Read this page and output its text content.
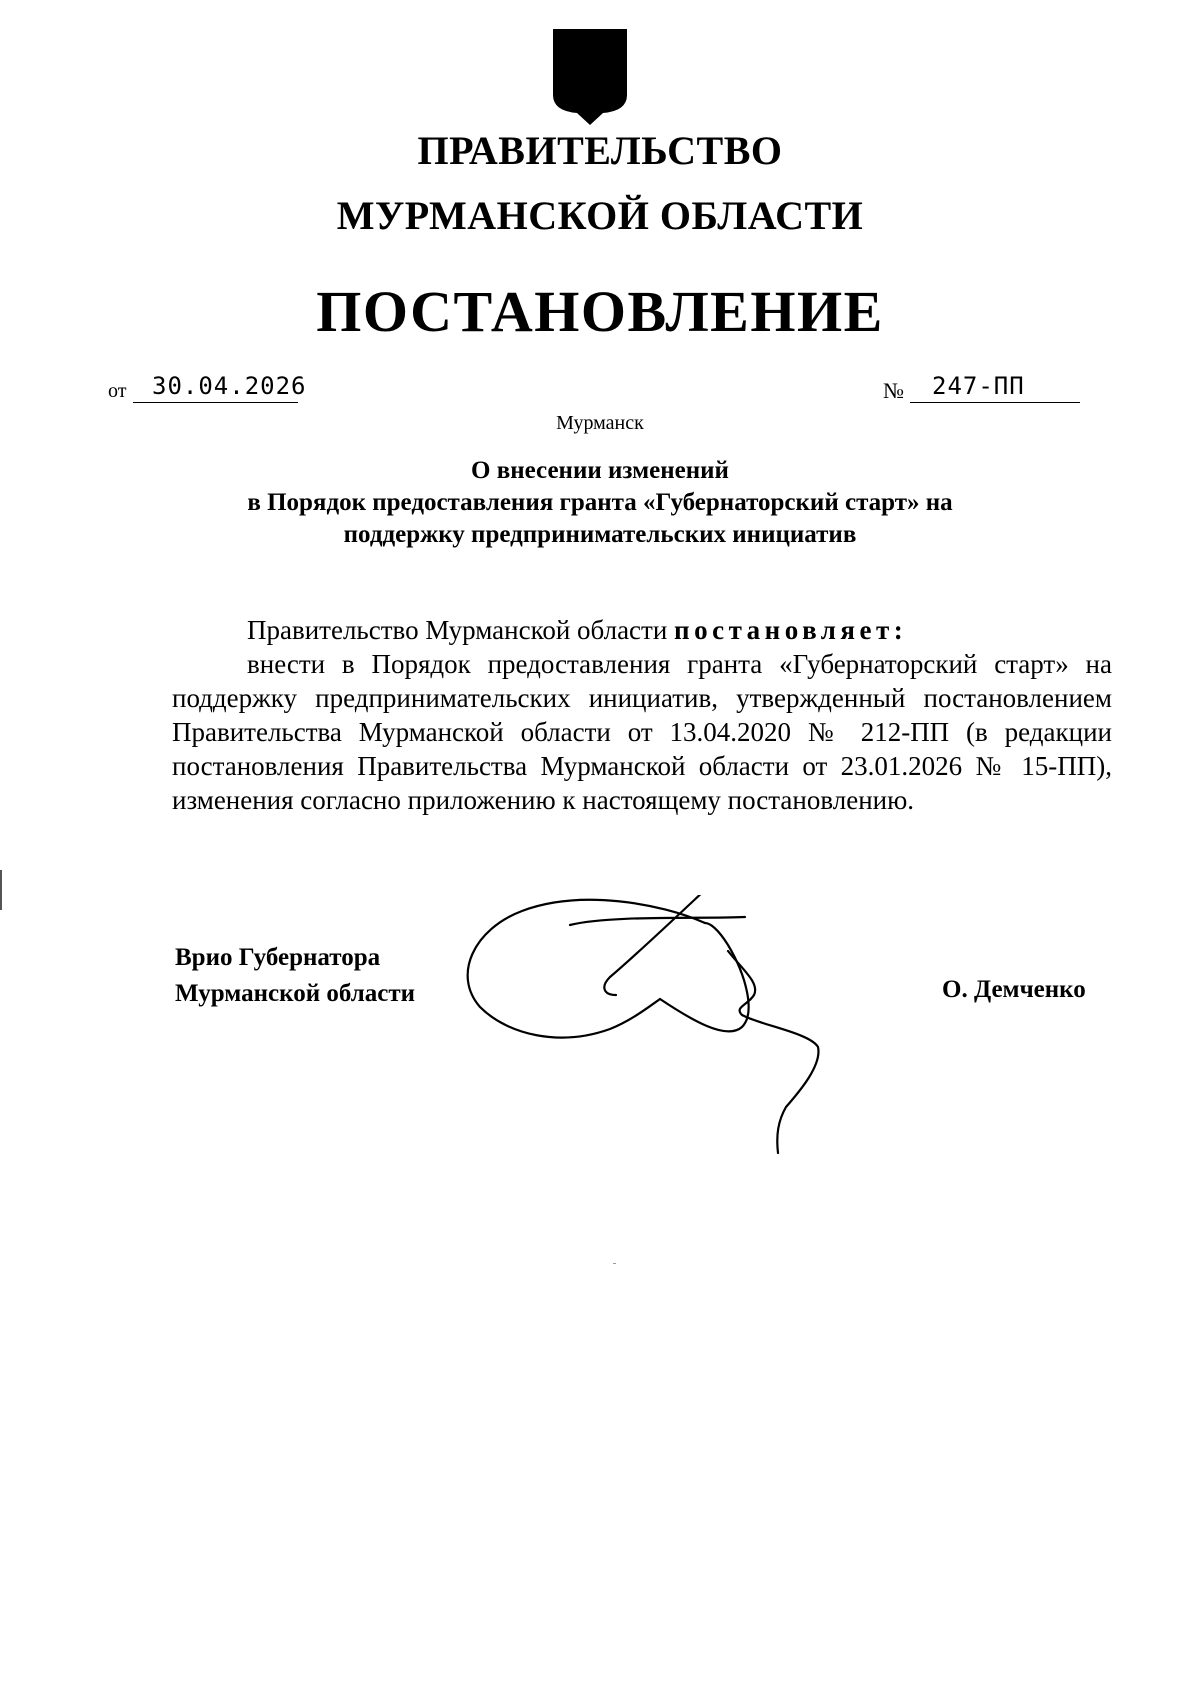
ПРАВИТЕЛЬСТВО
МУРМАНСКОЙ ОБЛАСТИ
ПОСТАНОВЛЕНИЕ
от 30.04.2026	№ 247-ПП
Мурманск
О внесении изменений
в Порядок предоставления гранта «Губернаторский старт» на
поддержку предпринимательских инициатив
Правительство Мурманской области постановляет:
внести в Порядок предоставления гранта «Губернаторский старт» на поддержку предпринимательских инициатив, утвержденный постановлением Правительства Мурманской области от 13.04.2020 № 212-ПП (в редакции постановления Правительства Мурманской области от 23.01.2026 № 15-ПП), изменения согласно приложению к настоящему постановлению.
Врио Губернатора
Мурманской области	О. Демченко
